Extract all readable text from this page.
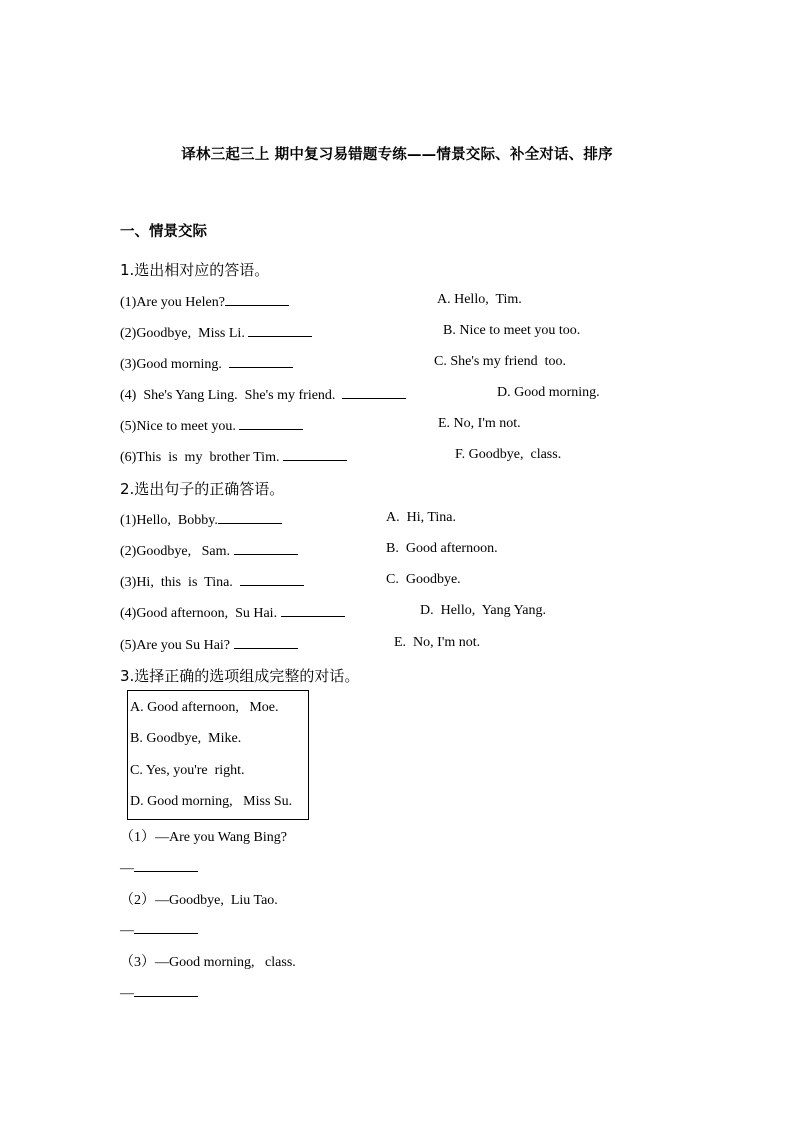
译林三起三上 期中复习易错题专练——情景交际、补全对话、排序
一、情景交际
1.选出相对应的答语。
(1)Are you Helen?	A. Hello,  Tim.
(2)Goodbye,  Miss Li.	B. Nice to meet you too.
(3)Good morning.	C. She's my friend  too.
(4)  She's Yang Ling.  She's my friend.	D. Good morning.
(5)Nice to meet you.	E. No, I'm not.
(6)This  is  my  brother Tim.	F. Goodbye,  class.
2.选出句子的正确答语。
(1)Hello,  Bobby.	A.  Hi, Tina.
(2)Goodbye,   Sam.	B.  Good afternoon.
(3)Hi,  this  is  Tina.	C.  Goodbye.
(4)Good afternoon,  Su Hai.	D.  Hello,  Yang Yang.
(5)Are you Su Hai?	E.  No, I'm not.
3.选择正确的选项组成完整的对话。
A. Good afternoon,   Moe.
B. Goodbye,  Mike.
C. Yes, you're  right.
D. Good morning,   Miss Su.
（1）—Are you Wang Bing?
—
（2）—Goodbye,  Liu Tao.
—
（3）—Good morning,   class.
—
